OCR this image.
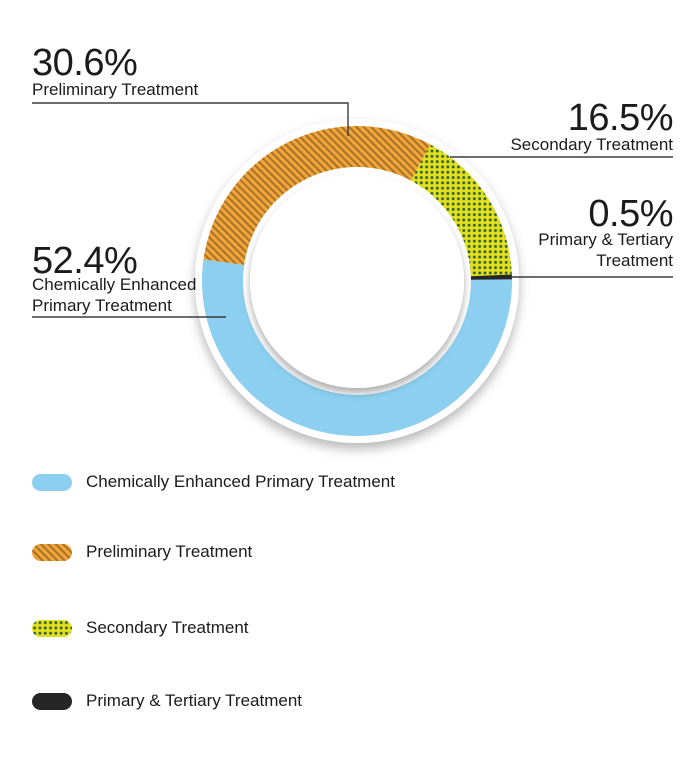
30.6%
Preliminary Treatment
16.5%
Secondary Treatment
0.5%
Primary & Tertiary
Treatment
52.4%
Chemically Enhanced
Primary Treatment
Chemically Enhanced Primary Treatment
Preliminary Treatment
Secondary Treatment
Primary & Tertiary Treatment
